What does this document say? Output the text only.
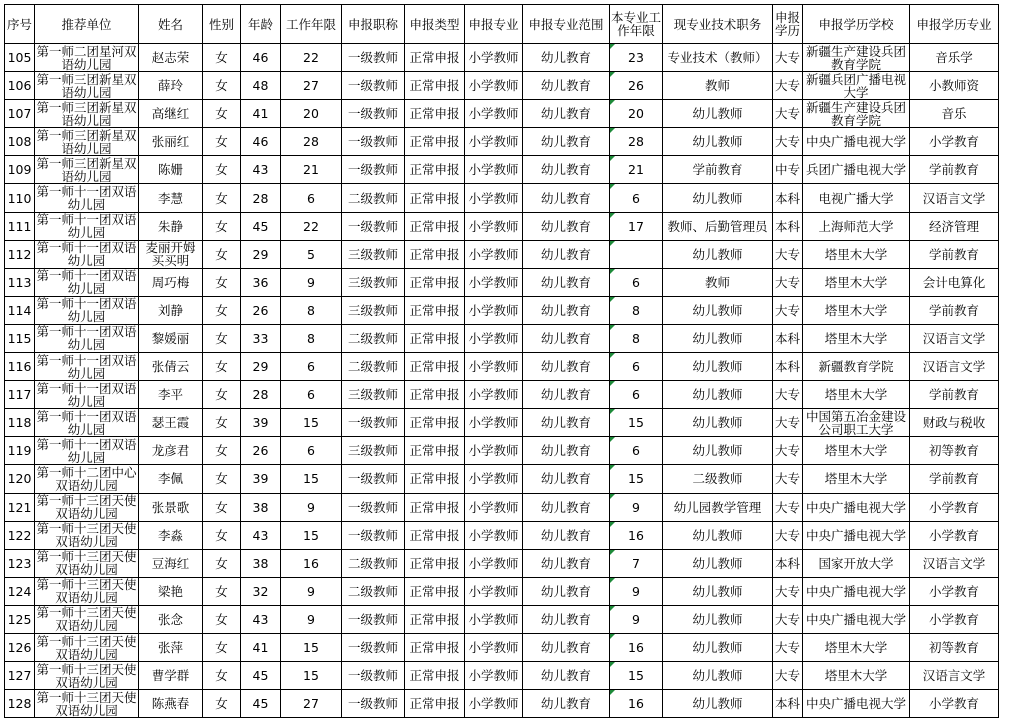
序号	推荐单位	姓名	性别	年龄	工作年限	申报职称	申报类型	申报专业	申报专业范围	本专业工作年限	现专业技术职务	申报学历	申报学历学校	申报学历专业
105	第一师二团星河双语幼儿园	赵志荣	女	46	22	一级教师	正常申报	小学教师	幼儿教育	23	专业技术（教师）	大专	新疆生产建设兵团教育学院	音乐学
106	第一师三团新星双语幼儿园	薛玲	女	48	27	一级教师	正常申报	小学教师	幼儿教育	26	教师	大专	新疆兵团广播电视大学	小教师资
107	第一师三团新星双语幼儿园	高继红	女	41	20	一级教师	正常申报	小学教师	幼儿教育	20	幼儿教师	大专	新疆生产建设兵团教育学院	音乐
108	第一师三团新星双语幼儿园	张丽红	女	46	28	一级教师	正常申报	小学教师	幼儿教育	28	幼儿教师	大专	中央广播电视大学	小学教育
109	第一师三团新星双语幼儿园	陈姗	女	43	21	一级教师	正常申报	小学教师	幼儿教育	21	学前教育	中专	兵团广播电视大学	学前教育
110	第一师十一团双语幼儿园	李慧	女	28	6	二级教师	正常申报	小学教师	幼儿教育	6	幼儿教师	本科	电视广播大学	汉语言文学
111	第一师十一团双语幼儿园	朱静	女	45	22	一级教师	正常申报	小学教师	幼儿教育	17	教师、后勤管理员	本科	上海师范大学	经济管理
112	第一师十一团双语幼儿园	麦丽开姆买买明	女	29	5	三级教师	正常申报	小学教师	幼儿教育		幼儿教师	大专	塔里木大学	学前教育
113	第一师十一团双语幼儿园	周巧梅	女	36	9	三级教师	正常申报	小学教师	幼儿教育	6	教师	大专	塔里木大学	会计电算化
114	第一师十一团双语幼儿园	刘静	女	26	8	三级教师	正常申报	小学教师	幼儿教育	8	幼儿教师	大专	塔里木大学	学前教育
115	第一师十一团双语幼儿园	黎媛丽	女	33	8	二级教师	正常申报	小学教师	幼儿教育	8	幼儿教师	本科	塔里木大学	汉语言文学
116	第一师十一团双语幼儿园	张倩云	女	29	6	二级教师	正常申报	小学教师	幼儿教育	6	幼儿教师	本科	新疆教育学院	汉语言文学
117	第一师十一团双语幼儿园	李平	女	28	6	三级教师	正常申报	小学教师	幼儿教育	6	幼儿教师	大专	塔里木大学	学前教育
118	第一师十一团双语幼儿园	瑟王霞	女	39	15	一级教师	正常申报	小学教师	幼儿教育	15	幼儿教师	大专	中国第五冶金建设公司职工大学	财政与税收
119	第一师十一团双语幼儿园	龙彦君	女	26	6	三级教师	正常申报	小学教师	幼儿教育	6	幼儿教师	大专	塔里木大学	初等教育
120	第一师十二团中心双语幼儿园	李佩	女	39	15	一级教师	正常申报	小学教师	幼儿教育	15	二级教师	大专	塔里木大学	学前教育
121	第一师十三团天使双语幼儿园	张景歌	女	38	9	一级教师	正常申报	小学教师	幼儿教育	9	幼儿园教学管理	大专	中央广播电视大学	小学教育
122	第一师十三团天使双语幼儿园	李淼	女	43	15	一级教师	正常申报	小学教师	幼儿教育	16	幼儿教师	大专	中央广播电视大学	小学教育
123	第一师十三团天使双语幼儿园	豆海红	女	38	16	二级教师	正常申报	小学教师	幼儿教育	7	幼儿教师	本科	国家开放大学	汉语言文学
124	第一师十三团天使双语幼儿园	梁艳	女	32	9	二级教师	正常申报	小学教师	幼儿教育	9	幼儿教师	大专	中央广播电视大学	小学教育
125	第一师十三团天使双语幼儿园	张念	女	43	9	一级教师	正常申报	小学教师	幼儿教育	9	幼儿教师	大专	中央广播电视大学	小学教育
126	第一师十三团天使双语幼儿园	张萍	女	41	15	一级教师	正常申报	小学教师	幼儿教育	16	幼儿教师	大专	塔里木大学	初等教育
127	第一师十三团天使双语幼儿园	曹学群	女	45	15	一级教师	正常申报	小学教师	幼儿教育	15	幼儿教师	大专	塔里木大学	汉语言文学
128	第一师十三团天使双语幼儿园	陈燕春	女	45	27	一级教师	正常申报	小学教师	幼儿教育	16	幼儿教师	本科	中央广播电视大学	小学教育
